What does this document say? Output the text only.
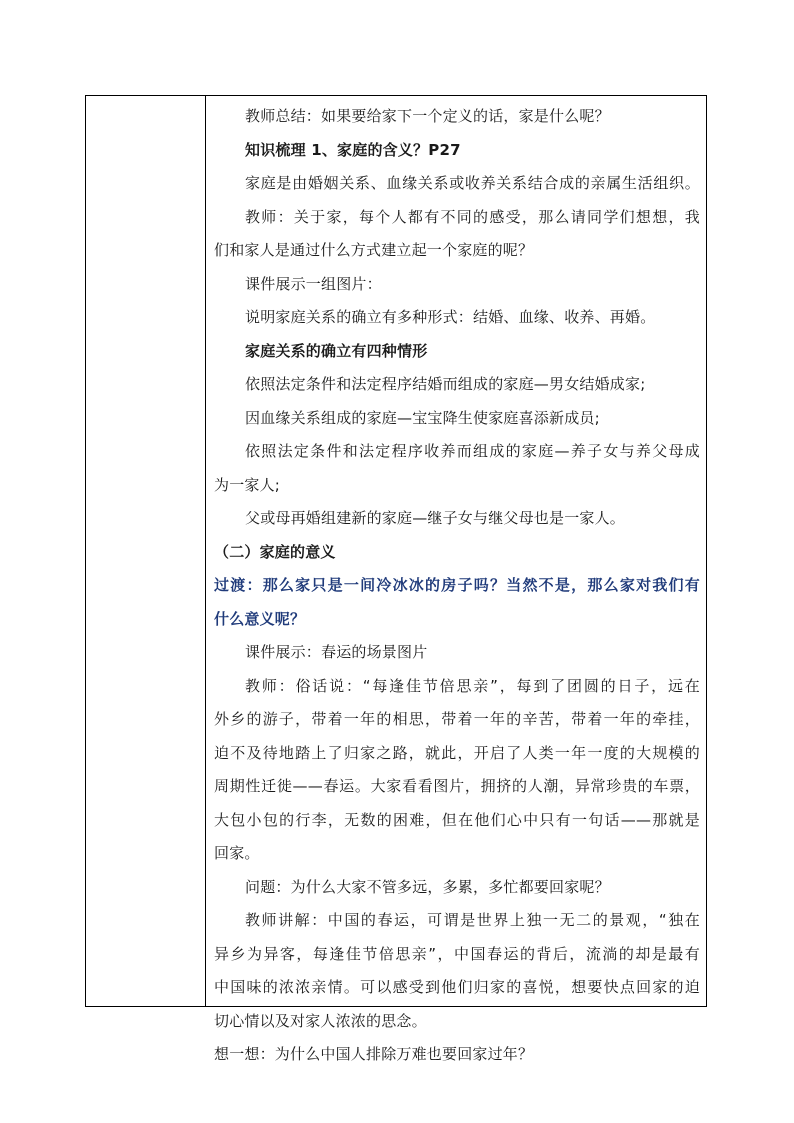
教师总结：如果要给家下一个定义的话，家是什么呢？
知识梳理 1、家庭的含义？P27
家庭是由婚姻关系、血缘关系或收养关系结合成的亲属生活组织。
教师：关于家，每个人都有不同的感受，那么请同学们想想，我
们和家人是通过什么方式建立起一个家庭的呢？
课件展示一组图片：
说明家庭关系的确立有多种形式：结婚、血缘、收养、再婚。
家庭关系的确立有四种情形
依照法定条件和法定程序结婚而组成的家庭—男女结婚成家;
因血缘关系组成的家庭—宝宝降生使家庭喜添新成员;
依照法定条件和法定程序收养而组成的家庭—养子女与养父母成
为一家人;
父或母再婚组建新的家庭—继子女与继父母也是一家人。
（二）家庭的意义
过渡：那么家只是一间冷冰冰的房子吗？当然不是，那么家对我们有
什么意义呢？
课件展示：春运的场景图片
教师：俗话说：“每逢佳节倍思亲”，每到了团圆的日子，远在
外乡的游子，带着一年的相思，带着一年的辛苦，带着一年的牵挂，
迫不及待地踏上了归家之路，就此，开启了人类一年一度的大规模的
周期性迁徙——春运。大家看看图片，拥挤的人潮，异常珍贵的车票，
大包小包的行李，无数的困难，但在他们心中只有一句话——那就是
回家。
问题：为什么大家不管多远，多累，多忙都要回家呢？
教师讲解：中国的春运，可谓是世界上独一无二的景观，“独在
异乡为异客，每逢佳节倍思亲”，中国春运的背后，流淌的却是最有
中国味的浓浓亲情。可以感受到他们归家的喜悦，想要快点回家的迫
切心情以及对家人浓浓的思念。
想一想：为什么中国人排除万难也要回家过年？
